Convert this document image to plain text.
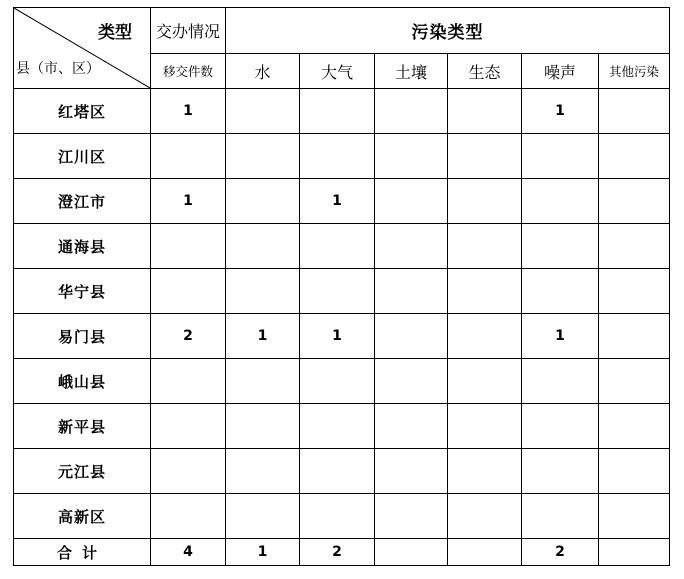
类型
县（市、区）	交办情况	污染类型					
	移交件数	水	大气	土壤	生态	噪声	其他污染
红塔区	1					1	
江川区							
澄江市	1		1				
通海县							
华宁县							
易门县	2	1	1			1	
峨山县							
新平县							
元江县							
高新区							
合计	4	1	2			2	
